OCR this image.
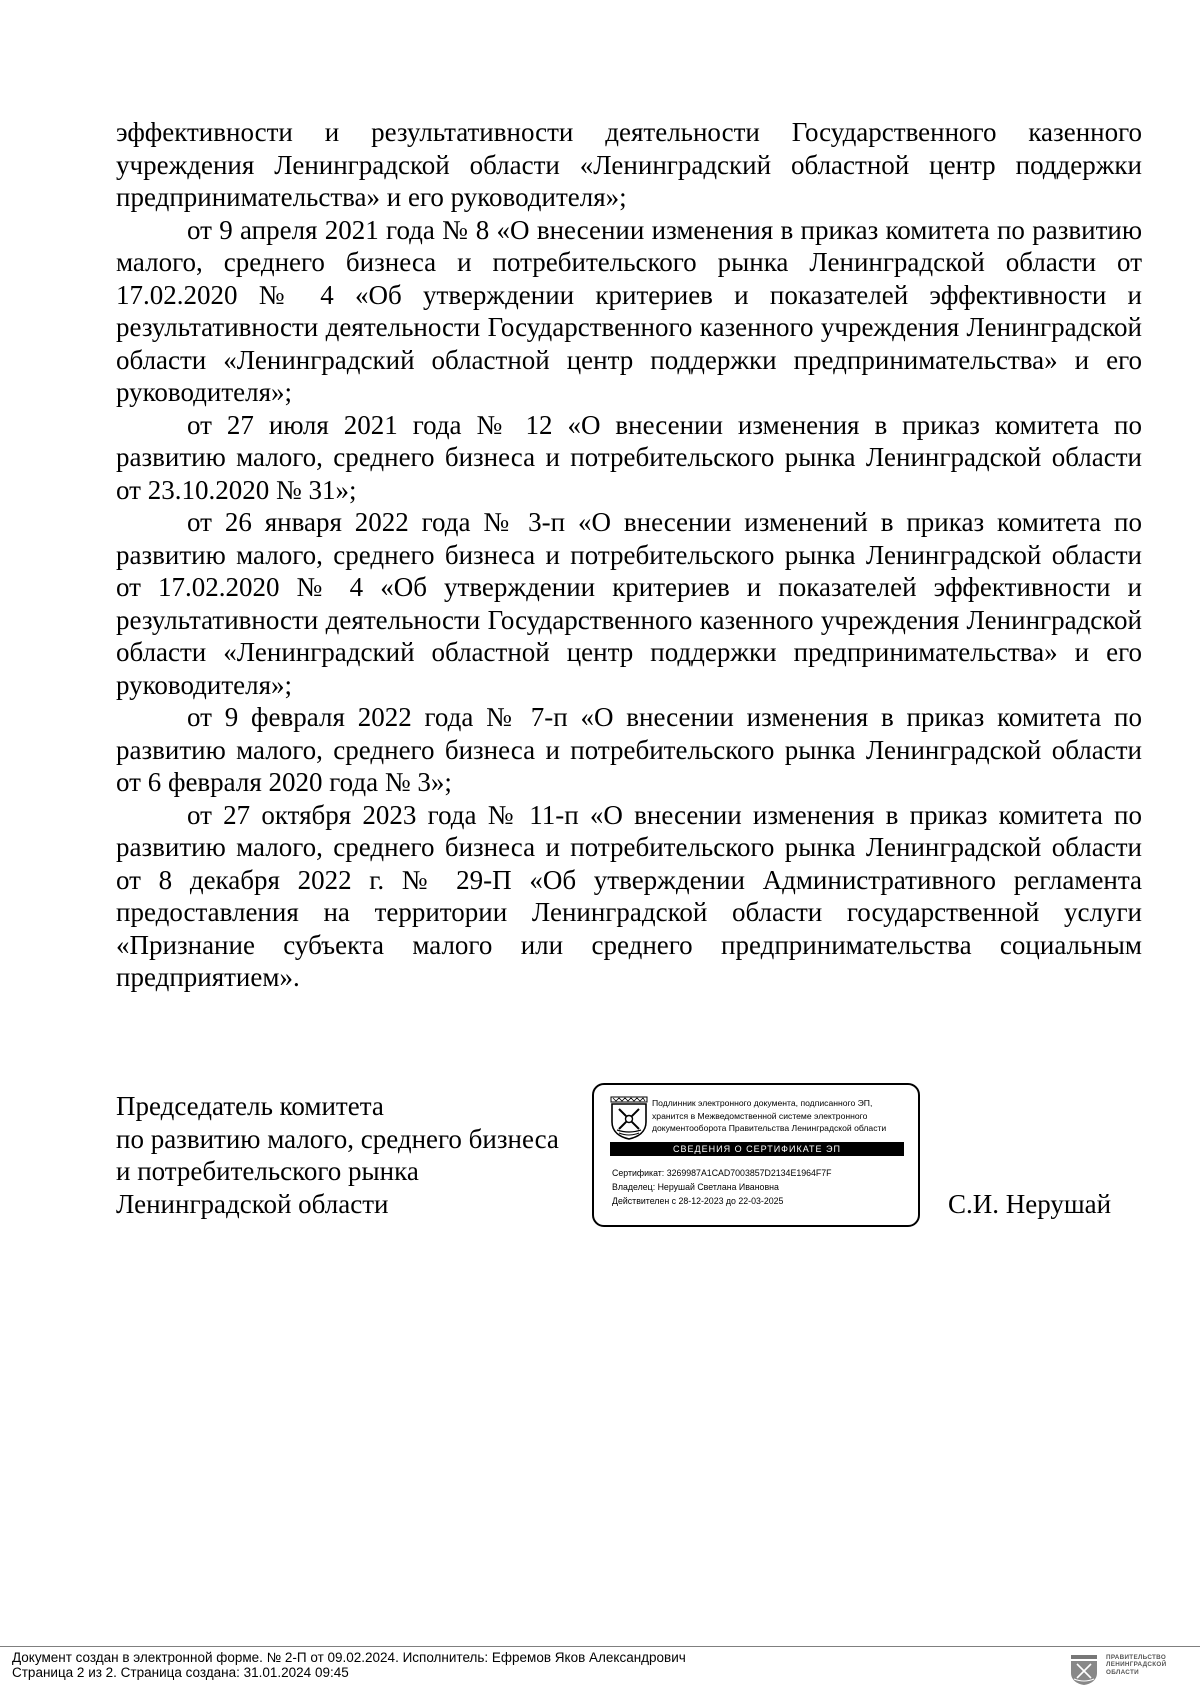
эффективности и результативности деятельности Государственного казенного учреждения Ленинградской области «Ленинградский областной центр поддержки предпринимательства» и его руководителя»;

от 9 апреля 2021 года № 8 «О внесении изменения в приказ комитета по развитию малого, среднего бизнеса и потребительского рынка Ленинградской области от 17.02.2020 № 4 «Об утверждении критериев и показателей эффективности и результативности деятельности Государственного казенного учреждения Ленинградской области «Ленинградский областной центр поддержки предпринимательства» и его руководителя»;

от 27 июля 2021 года № 12 «О внесении изменения в приказ комитета по развитию малого, среднего бизнеса и потребительского рынка Ленинградской области от 23.10.2020 № 31»;

от 26 января 2022 года № 3-п «О внесении изменений в приказ комитета по развитию малого, среднего бизнеса и потребительского рынка Ленинградской области от 17.02.2020 № 4 «Об утверждении критериев и показателей эффективности и результативности деятельности Государственного казенного учреждения Ленинградской области «Ленинградский областной центр поддержки предпринимательства» и его руководителя»;

от 9 февраля 2022 года № 7-п «О внесении изменения в приказ комитета по развитию малого, среднего бизнеса и потребительского рынка Ленинградской области от 6 февраля 2020 года № 3»;

от 27 октября 2023 года № 11-п «О внесении изменения в приказ комитета по развитию малого, среднего бизнеса и потребительского рынка Ленинградской области от 8 декабря 2022 г. № 29-П «Об утверждении Административного регламента предоставления на территории Ленинградской области государственной услуги «Признание субъекта малого или среднего предпринимательства социальным предприятием».

Председатель комитета
по развитию малого, среднего бизнеса
и потребительского рынка
Ленинградской области
Подлинник электронного документа, подписанного ЭП,
хранится в Межведомственной системе электронного
документооборота Правительства Ленинградской области
СВЕДЕНИЯ О СЕРТИФИКАТЕ ЭП
Сертификат: 3269987A1CAD7003857D2134E1964F7F
Владелец: Нерушай Светлана Ивановна
Действителен с 28-12-2023 до 22-03-2025	С.И. Нерушай
Документ создан в электронной форме. № 2-П от 09.02.2024. Исполнитель: Ефремов Яков Александрович
Страница 2 из 2. Страница создана: 31.01.2024 09:45
ПРАВИТЕЛЬСТВО
ЛЕНИНГРАДСКОЙ
ОБЛАСТИ
